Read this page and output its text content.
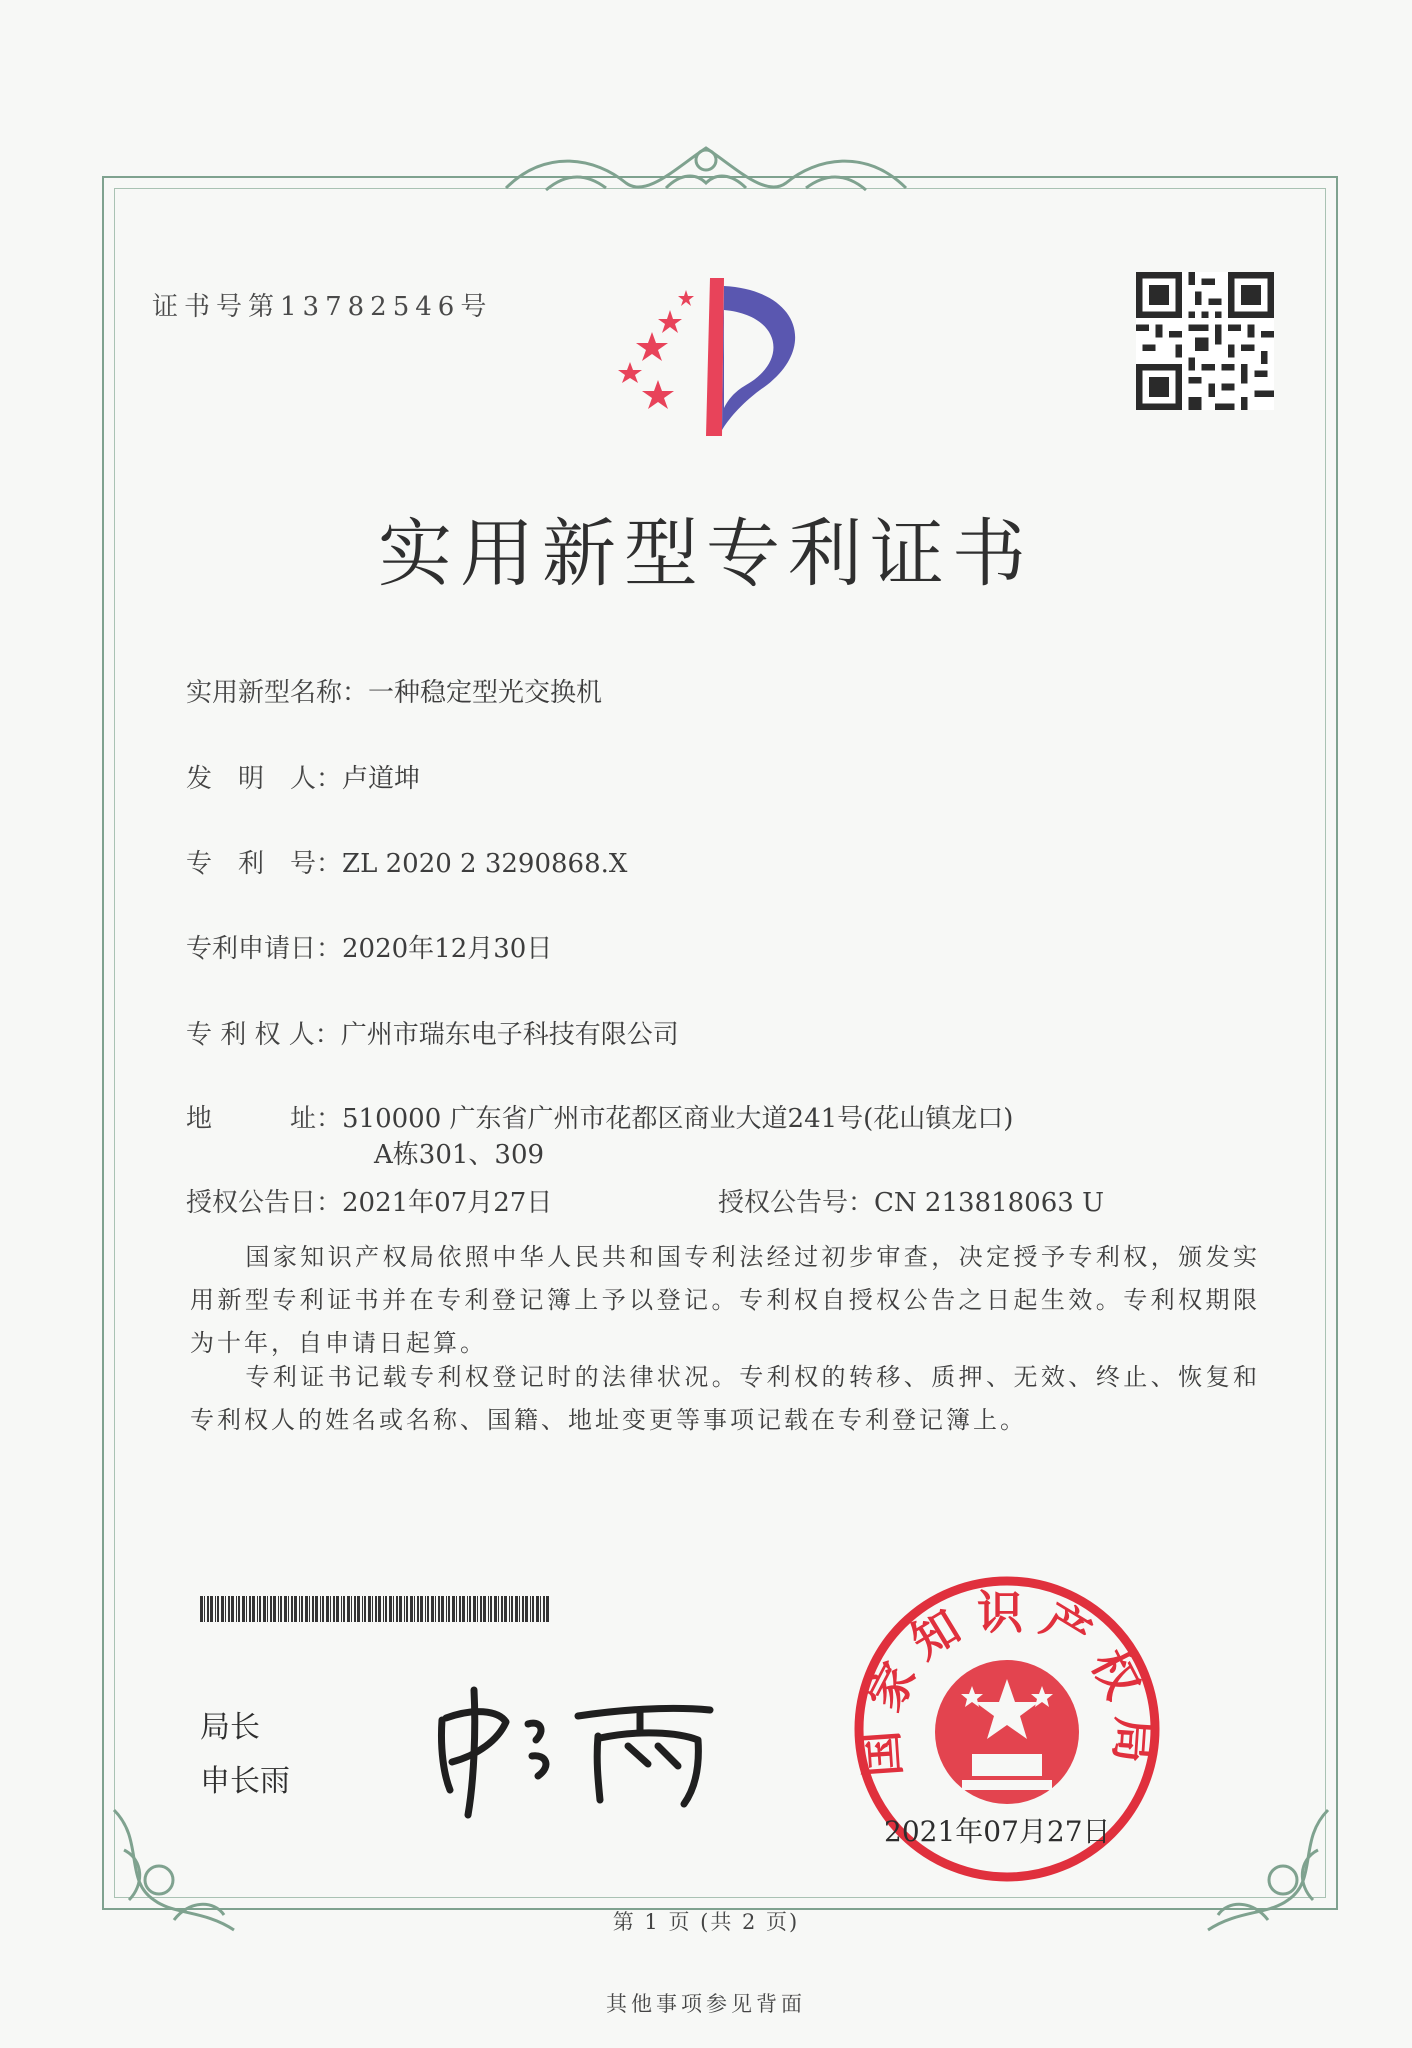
证书号第13782546号
实用新型专利证书
实用新型名称：一种稳定型光交换机
发　明　人：卢道坤
专　利　号：ZL 2020 2 3290868.X
专利申请日：2020年12月30日
专 利 权 人：广州市瑞东电子科技有限公司
地　　　址：510000 广东省广州市花都区商业大道241号(花山镇龙口)
A栋301、309
授权公告日：2021年07月27日	授权公告号：CN 213818063 U
国家知识产权局依照中华人民共和国专利法经过初步审查，决定授予专利权，颁发实用新型专利证书并在专利登记簿上予以登记。专利权自授权公告之日起生效。专利权期限为十年，自申请日起算。
专利证书记载专利权登记时的法律状况。专利权的转移、质押、无效、终止、恢复和专利权人的姓名或名称、国籍、地址变更等事项记载在专利登记簿上。
局长
申长雨
国家知识产权局
2021年07月27日
第 1 页 (共 2 页)
其他事项参见背面
